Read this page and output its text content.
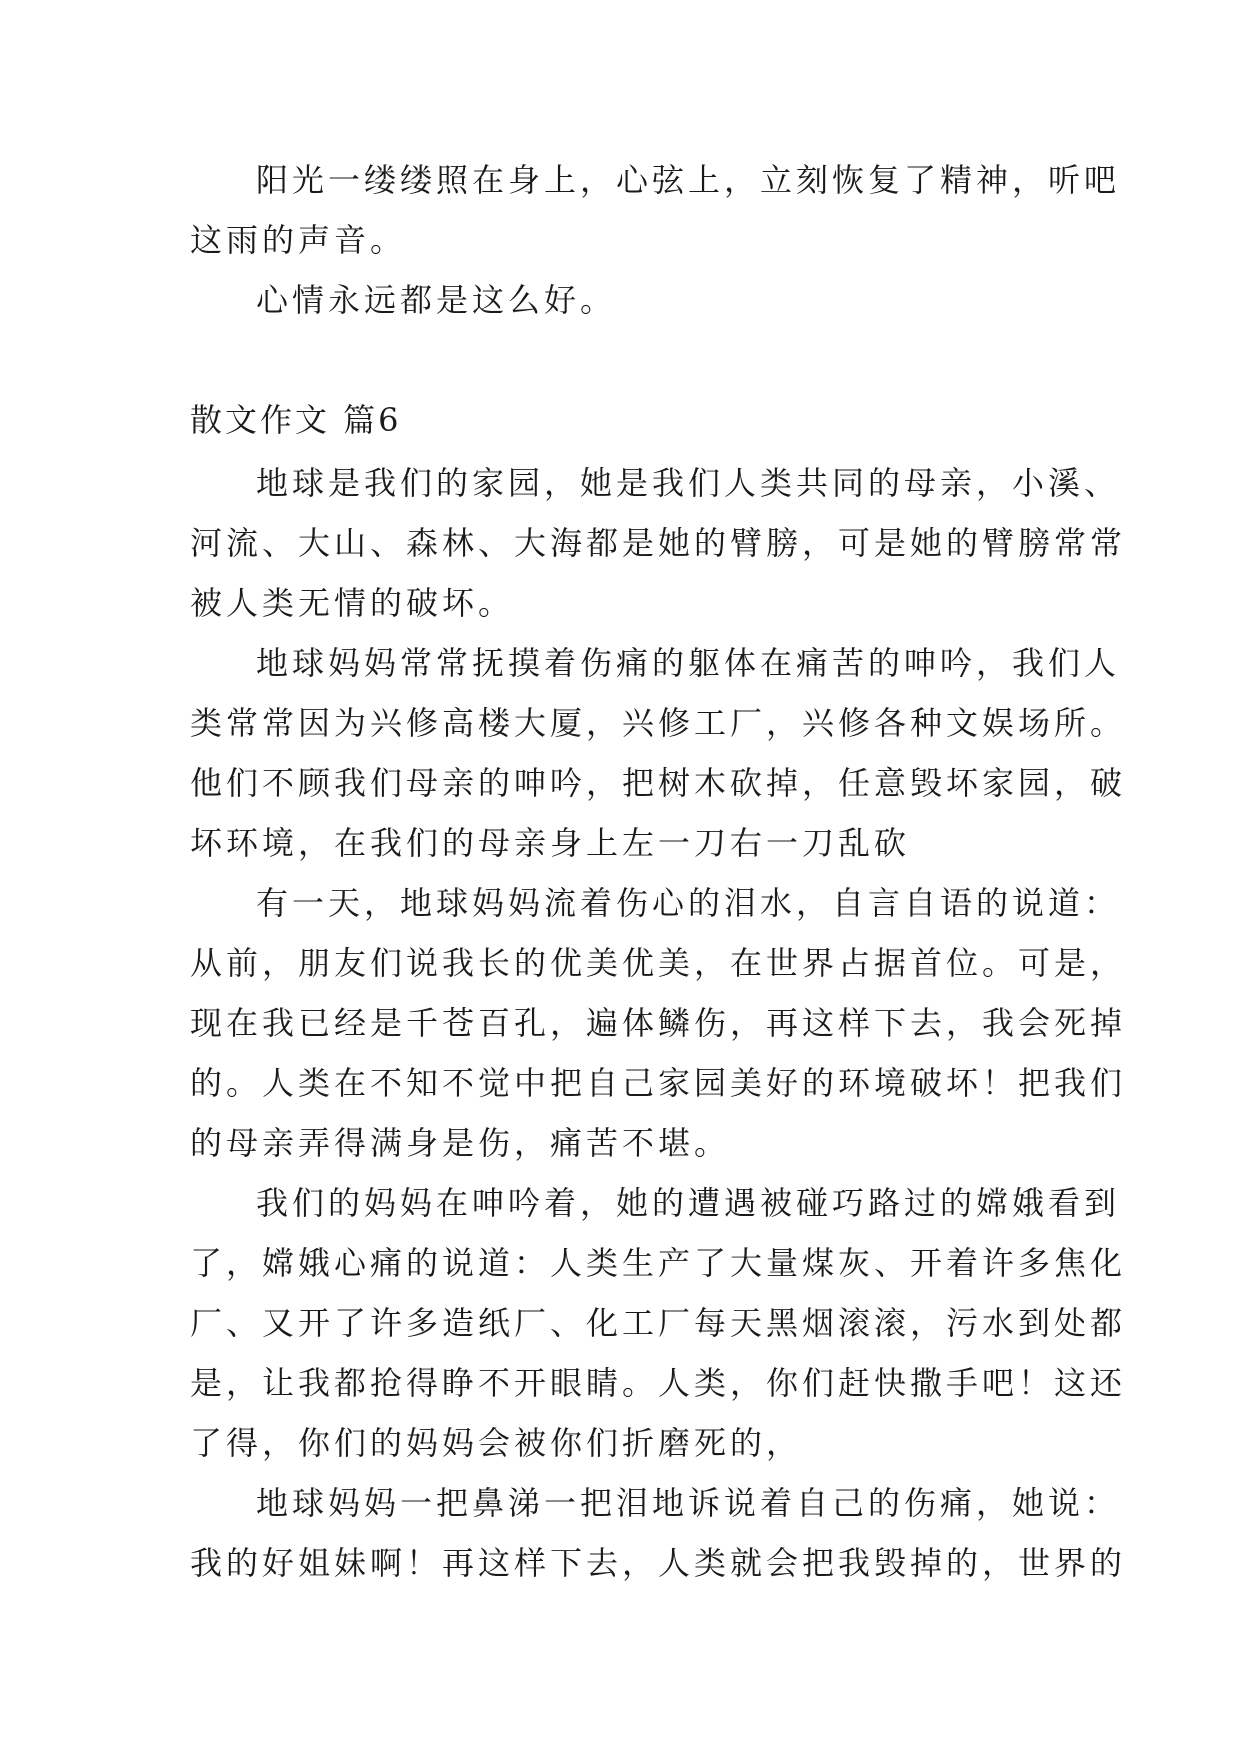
阳光一缕缕照在身上，心弦上，立刻恢复了精神，听吧
这雨的声音。
心情永远都是这么好。
散文作文 篇6
地球是我们的家园，她是我们人类共同的母亲，小溪、
河流、大山、森林、大海都是她的臂膀，可是她的臂膀常常
被人类无情的破坏。
地球妈妈常常抚摸着伤痛的躯体在痛苦的呻吟，我们人
类常常因为兴修高楼大厦，兴修工厂，兴修各种文娱场所。
他们不顾我们母亲的呻吟，把树木砍掉，任意毁坏家园，破
坏环境，在我们的母亲身上左一刀右一刀乱砍
有一天，地球妈妈流着伤心的泪水，自言自语的说道：
从前，朋友们说我长的优美优美，在世界占据首位。可是，
现在我已经是千苍百孔，遍体鳞伤，再这样下去，我会死掉
的。人类在不知不觉中把自己家园美好的环境破坏！把我们
的母亲弄得满身是伤，痛苦不堪。
我们的妈妈在呻吟着，她的遭遇被碰巧路过的嫦娥看到
了，嫦娥心痛的说道：人类生产了大量煤灰、开着许多焦化
厂、又开了许多造纸厂、化工厂每天黑烟滚滚，污水到处都
是，让我都抢得睁不开眼睛。人类，你们赶快撒手吧！这还
了得，你们的妈妈会被你们折磨死的，
地球妈妈一把鼻涕一把泪地诉说着自己的伤痛，她说：
我的好姐妹啊！再这样下去，人类就会把我毁掉的，世界的
